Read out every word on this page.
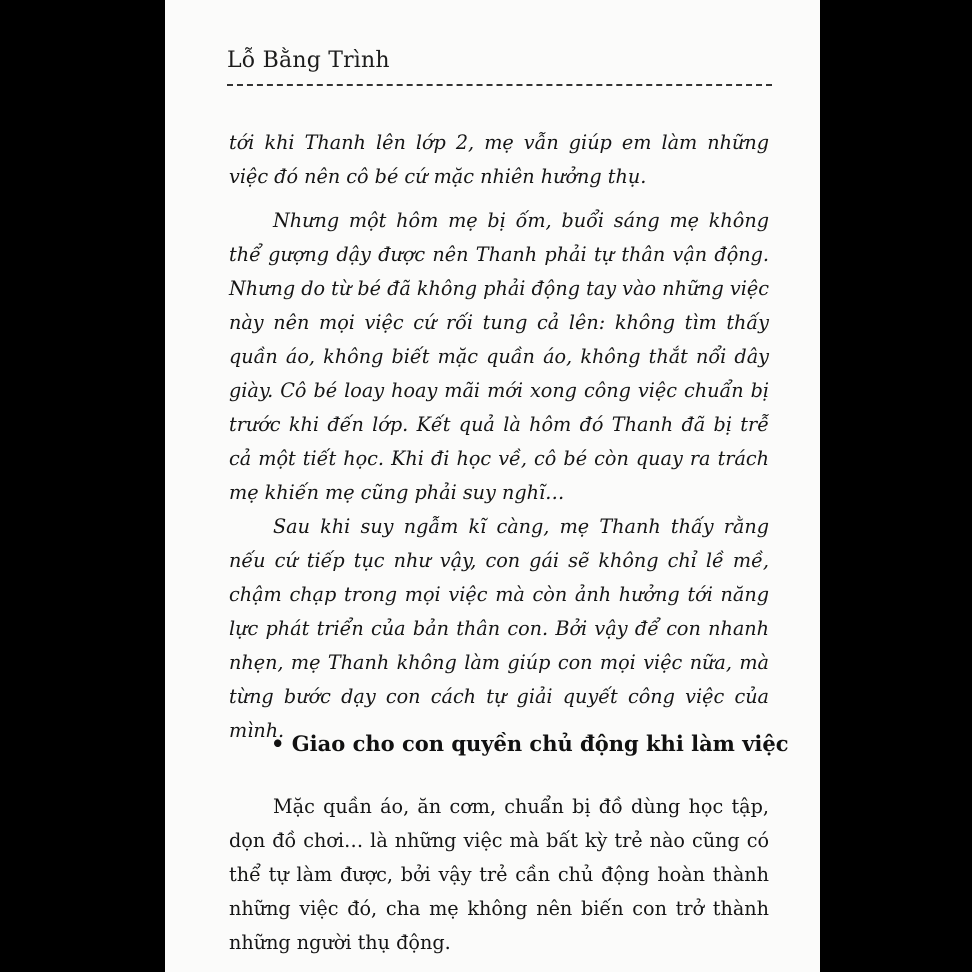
Lỗ Bằng Trình

tới khi Thanh lên lớp 2, mẹ vẫn giúp em làm những việc đó nên cô bé cứ mặc nhiên hưởng thụ.

Nhưng một hôm mẹ bị ốm, buổi sáng mẹ không thể gượng dậy được nên Thanh phải tự thân vận động. Nhưng do từ bé đã không phải động tay vào những việc này nên mọi việc cứ rối tung cả lên: không tìm thấy quần áo, không biết mặc quần áo, không thắt nổi dây giày. Cô bé loay hoay mãi mới xong công việc chuẩn bị trước khi đến lớp. Kết quả là hôm đó Thanh đã bị trễ cả một tiết học. Khi đi học về, cô bé còn quay ra trách mẹ khiến mẹ cũng phải suy nghĩ…

Sau khi suy ngẫm kĩ càng, mẹ Thanh thấy rằng nếu cứ tiếp tục như vậy, con gái sẽ không chỉ lề mề, chậm chạp trong mọi việc mà còn ảnh hưởng tới năng lực phát triển của bản thân con. Bởi vậy để con nhanh nhẹn, mẹ Thanh không làm giúp con mọi việc nữa, mà từng bước dạy con cách tự giải quyết công việc của mình.

• Giao cho con quyền chủ động khi làm việc

Mặc quần áo, ăn cơm, chuẩn bị đồ dùng học tập, dọn đồ chơi… là những việc mà bất kỳ trẻ nào cũng có thể tự làm được, bởi vậy trẻ cần chủ động hoàn thành những việc đó, cha mẹ không nên biến con trở thành những người thụ động.
